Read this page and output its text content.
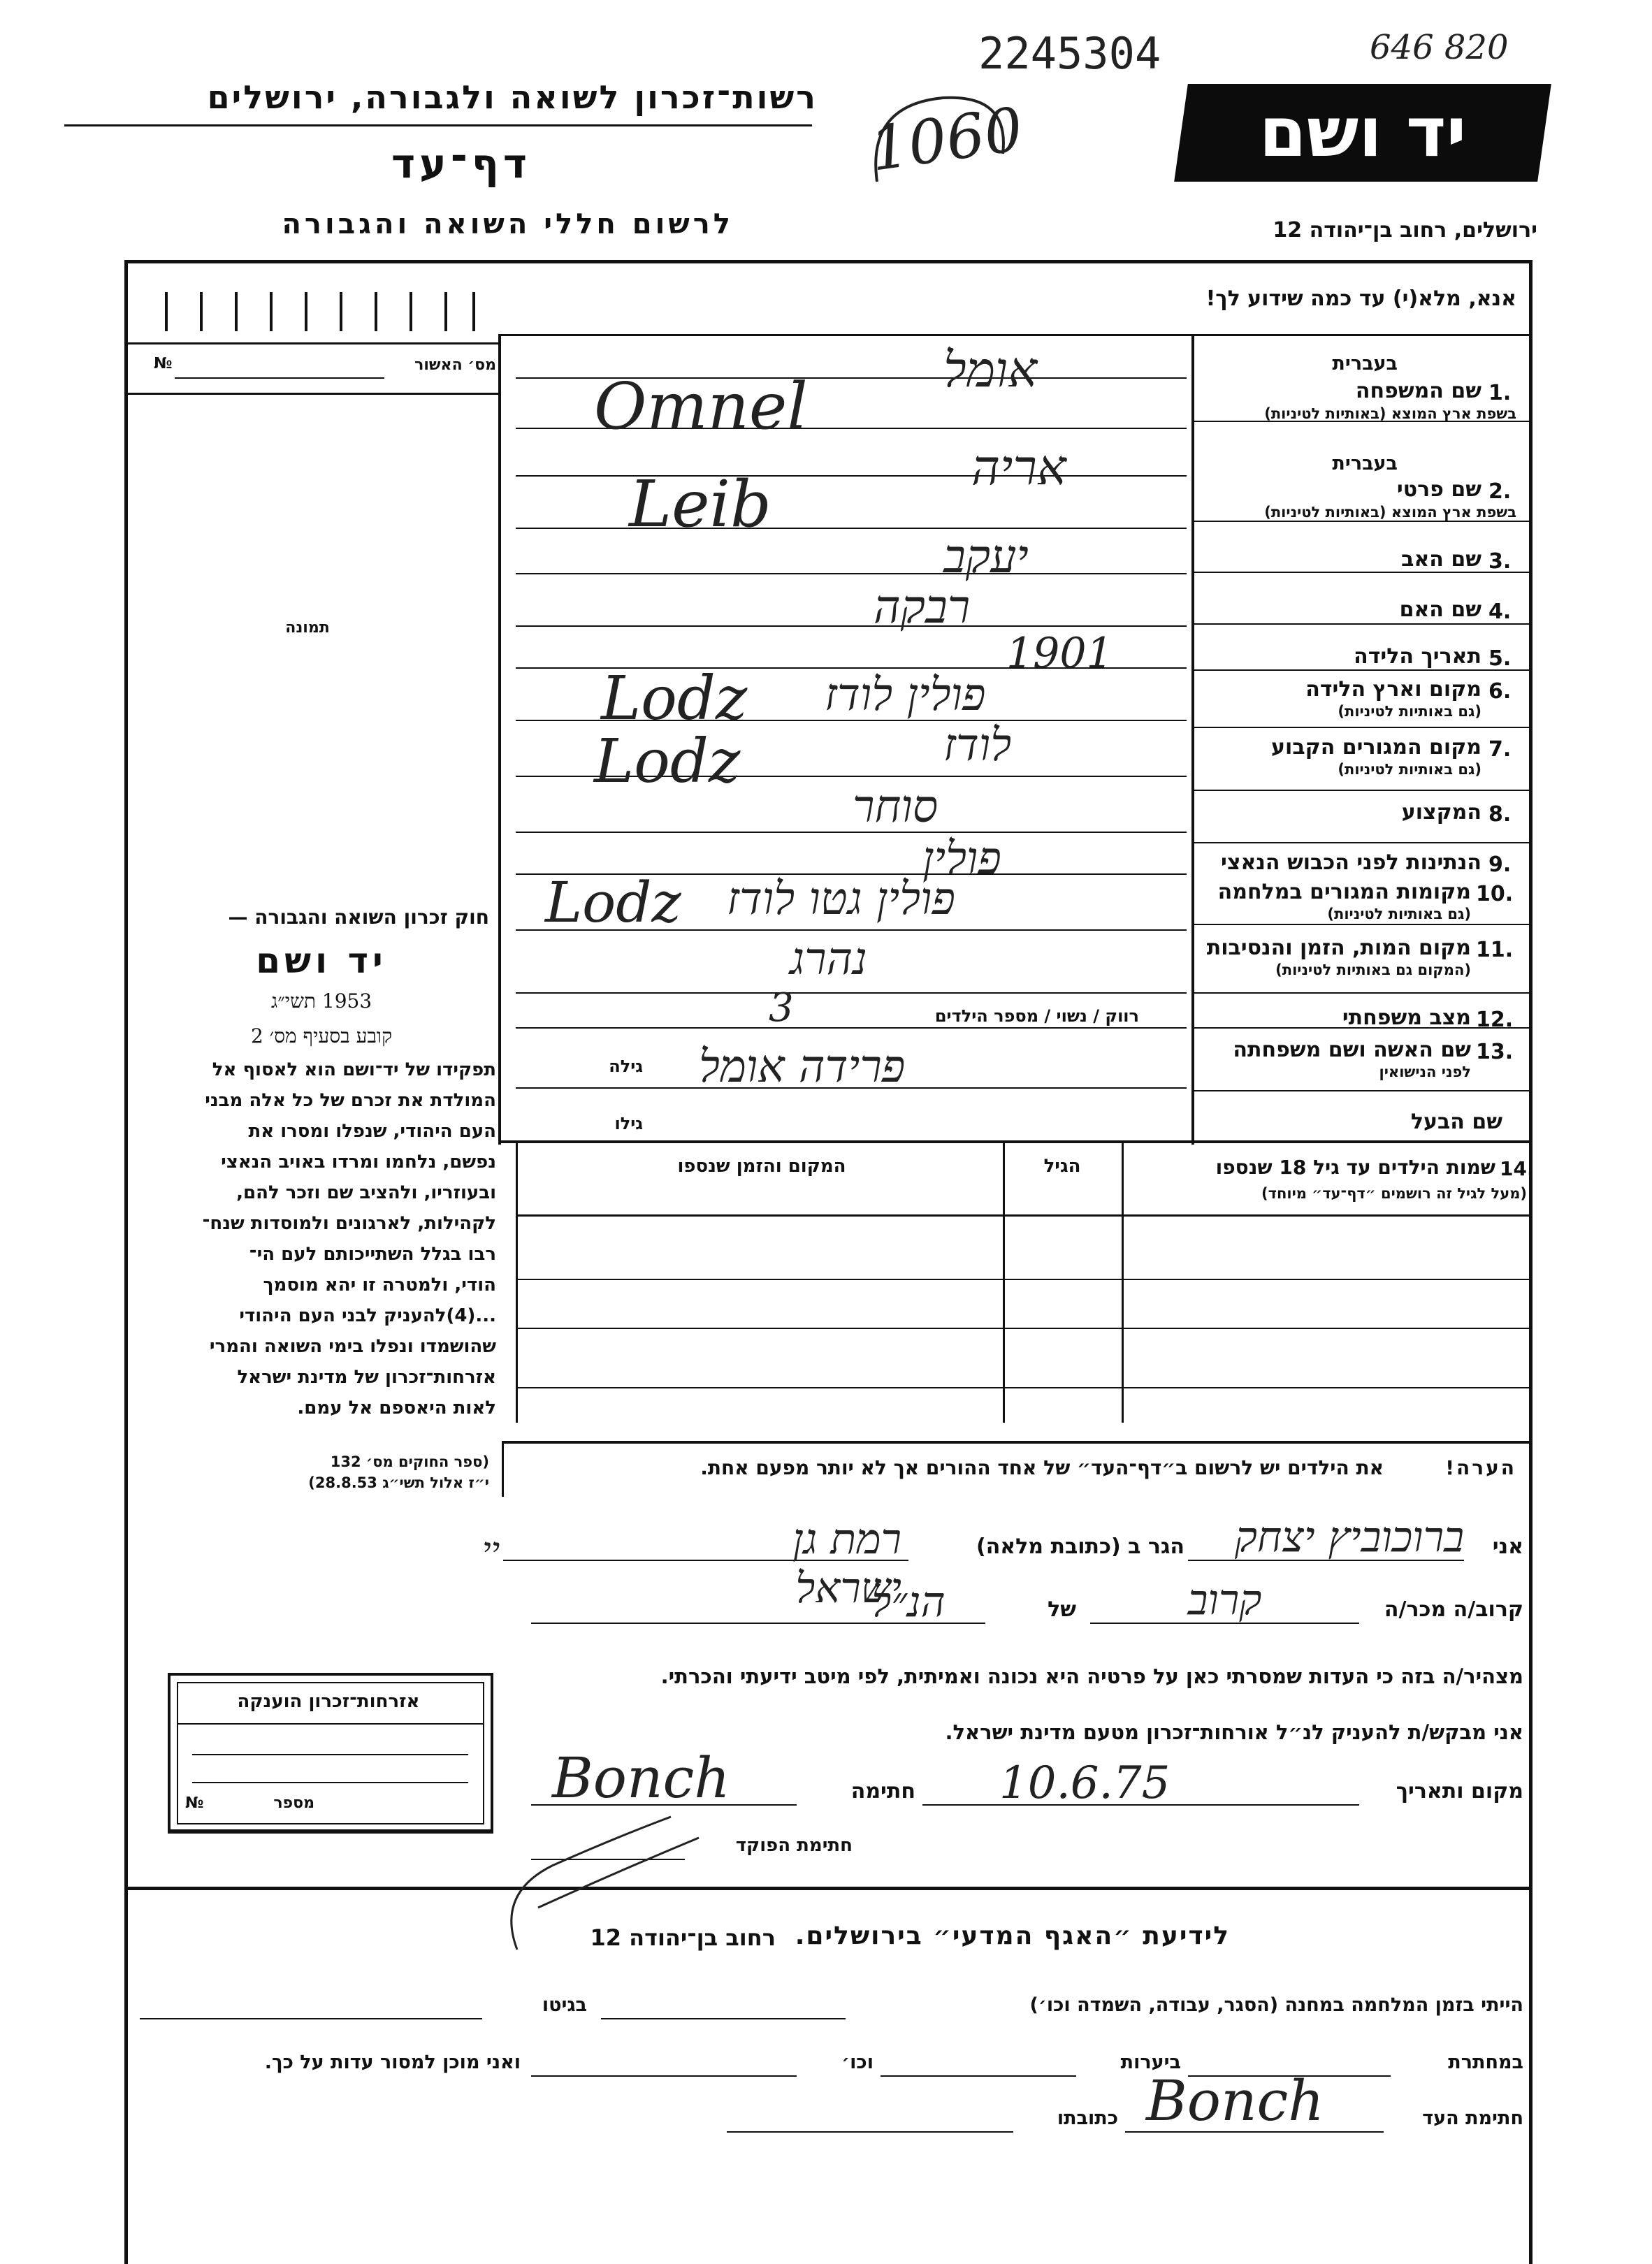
רשות־זכרון לשואה ולגבורה, ירושלים
דף־עד
לרשום חללי השואה והגבורה
יד ושם
ירושלים, רחוב בן־יהודה 12
2245304	646 820
1060
אנא, מלא(י) עד כמה שידוע לך!
מס׳ האשור
№
תמונה
חוק זכרון השואה והגבורה —
יד ושם
1953 תשי״ג
קובע בסעיף מס׳ 2
תפקידו של יד־ושם הוא לאסוף אל
המולדת את זכרם של כל אלה מבני
העם היהודי, שנפלו ומסרו את
נפשם, נלחמו ומרדו באויב הנאצי
ובעוזריו, ולהציב שם וזכר להם,
לקהילות, לארגונים ולמוסדות שנח־
רבו בגלל השתייכותם לעם הי־
הודי, ולמטרה זו יהא מוסמך
...(4)להעניק לבני העם היהודי
שהושמדו ונפלו בימי השואה והמרי
אזרחות־זכרון של מדינת ישראל
לאות היאספם אל עמם.
(ספר החוקים מס׳ 132
י״ז אלול תשי״ג 28.8.53)
בעברית
1.
שם המשפחה
בשפת ארץ המוצא (באותיות לטיניות)
בעברית
2.
שם פרטי
בשפת ארץ המוצא (באותיות לטיניות)
3.
שם האב
4.
שם האם
5.
תאריך הלידה
6.
מקום וארץ הלידה
(גם באותיות לטיניות)
7.
מקום המגורים הקבוע
(גם באותיות לטיניות)
8.
המקצוע
9.
הנתינות לפני הכבוש הנאצי
10.
מקומות המגורים במלחמה
(גם באותיות לטיניות)
11.
מקום המות, הזמן והנסיבות
(המקום גם באותיות לטיניות)
12.
מצב משפחתי
13.
שם האשה ושם משפחתה
לפני הנישואין
שם הבעל
רווק / נשוי / מספר הילדים
גילה
גילו
אומל
Omnel
אריה
Leib
יעקב
רבקה
1901
פולין לודז
Lodz
לודז
Lodz
סוחר
פולין
פולין גטו לודז
Lodz
נהרג
3
פרידה אומל
14.
שמות הילדים עד גיל 18 שנספו
(מעל לגיל זה רושמים ״דף־עד״ מיוחד)
הגיל
המקום והזמן שנספו
הערה!
את הילדים יש לרשום ב״דף־העד״ של אחד ההורים אך לא יותר מפעם אחת.
אני
ברוכוביץ יצחק
הגר ב (כתובת מלאה)
רמת גן ישראל
יי
קרוב/ה מכר/ה
קרוב
של
הנ״ל
מצהיר/ה בזה כי העדות שמסרתי כאן על פרטיה היא נכונה ואמיתית, לפי מיטב ידיעתי והכרתי.
אני מבקש/ת להעניק לנ״ל אורחות־זכרון מטעם מדינת ישראל.
מקום ותאריך
10.6.75
חתימה
Bonch
חתימת הפוקד
אזרחות־זכרון הוענקה
מספר
№
לידיעת ״האגף המדעי״ בירושלים.
רחוב בן־יהודה 12
הייתי בזמן המלחמה במחנה (הסגר, עבודה, השמדה וכו׳)
בגיטו
במחתרת
ביערות
וכו׳
ואני מוכן למסור עדות על כך.
חתימת העד
Bonch
כתובתו
